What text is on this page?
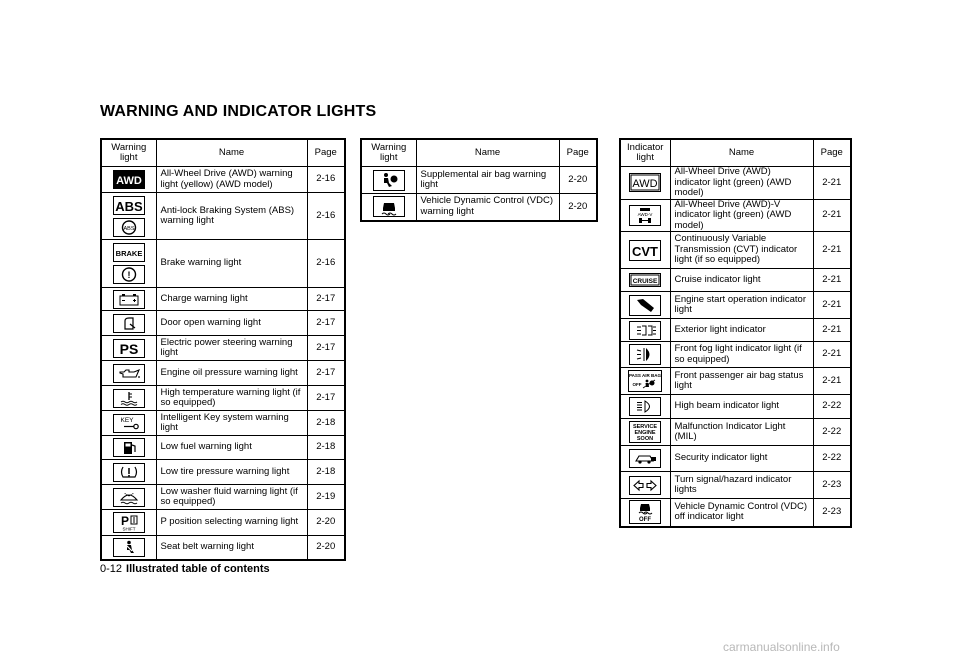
WARNING AND INDICATOR LIGHTS
Warning light	Name	Page

AWD	All-Wheel Drive (AWD) warning light (yellow) (AWD model)	2-16

ABS

ABS	Anti-lock Braking System (ABS) warning light	2-16

BRAKE

!	Brake warning light	2-16

	Charge warning light	2-17

	Door open warning light	2-17

PS	Electric power steering warning light	2-17

	Engine oil pressure warning light	2-17

	High temperature warning light (if so equipped)	2-17

KEY	Intelligent Key system warning light	2-18

	Low fuel warning light	2-18

	Low tire pressure warning light	2-18

	Low washer fluid warning light (if so equipped)	2-19

P
SHIFT	P position selecting warning light	2-20

	Seat belt warning light	2-20
Warning light	Name	Page

	Supplemental air bag warning light	2-20

	Vehicle Dynamic Control (VDC) warning light	2-20
Indicator light	Name	Page

AWD	All-Wheel Drive (AWD) indicator light (green) (AWD model)	2-21

AWD-V	All-Wheel Drive (AWD)-V indicator light (green) (AWD model)	2-21

CVT	Continuously Variable Transmission (CVT) indicator light (if so equipped)	2-21

CRUISE	Cruise indicator light	2-21

	Engine start operation indicator light	2-21

	Exterior light indicator	2-21

	Front fog light indicator light (if so equipped)	2-21

PASS AIR BAG
OFF	Front passenger air bag status light	2-21

	High beam indicator light	2-22

SERVICE
ENGINE
SOON	Malfunction Indicator Light (MIL)	2-22

	Security indicator light	2-22

	Turn signal/hazard indicator lights	2-23

OFF	Vehicle Dynamic Control (VDC) off indicator light	2-23
0-12 Illustrated table of contents
carmanualsonline.info
